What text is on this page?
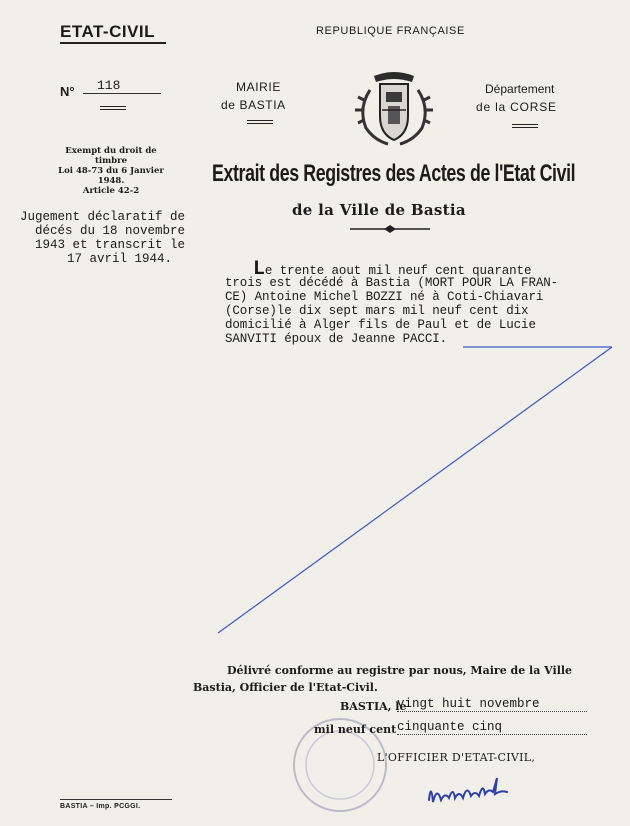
ETAT-CIVIL	REPUBLIQUE FRANÇAISE
N°	118	MAIRIE
de BASTIA
Département
de la CORSE
Exempt du droit de timbre
Loi 48-73 du 6 Janvier
1948.
Article 42-2
Extrait des Registres des Actes de l'Etat Civil
de la Ville de Bastia
Jugement déclaratif de
décés du 18 novembre
1943 et transcrit le
17 avril 1944.	Le trente aout mil neuf cent quarante
trois est décédé à Bastia (MORT POUR LA FRAN-
CE) Antoine Michel BOZZI né à Coti-Chiavari
(Corse)le dix sept mars mil neuf cent dix
domicilié à Alger fils de Paul et de Lucie
SANVITI époux de Jeanne PACCI.
Délivré conforme au registre par nous, Maire de la Ville
Bastia, Officier de l'Etat-Civil.
BASTIA, le
vingt huit novembre
mil neuf cent cinquante cinq
L'OFFICIER D'ETAT-CIVIL,
BASTIA – Imp. PCGGI.
